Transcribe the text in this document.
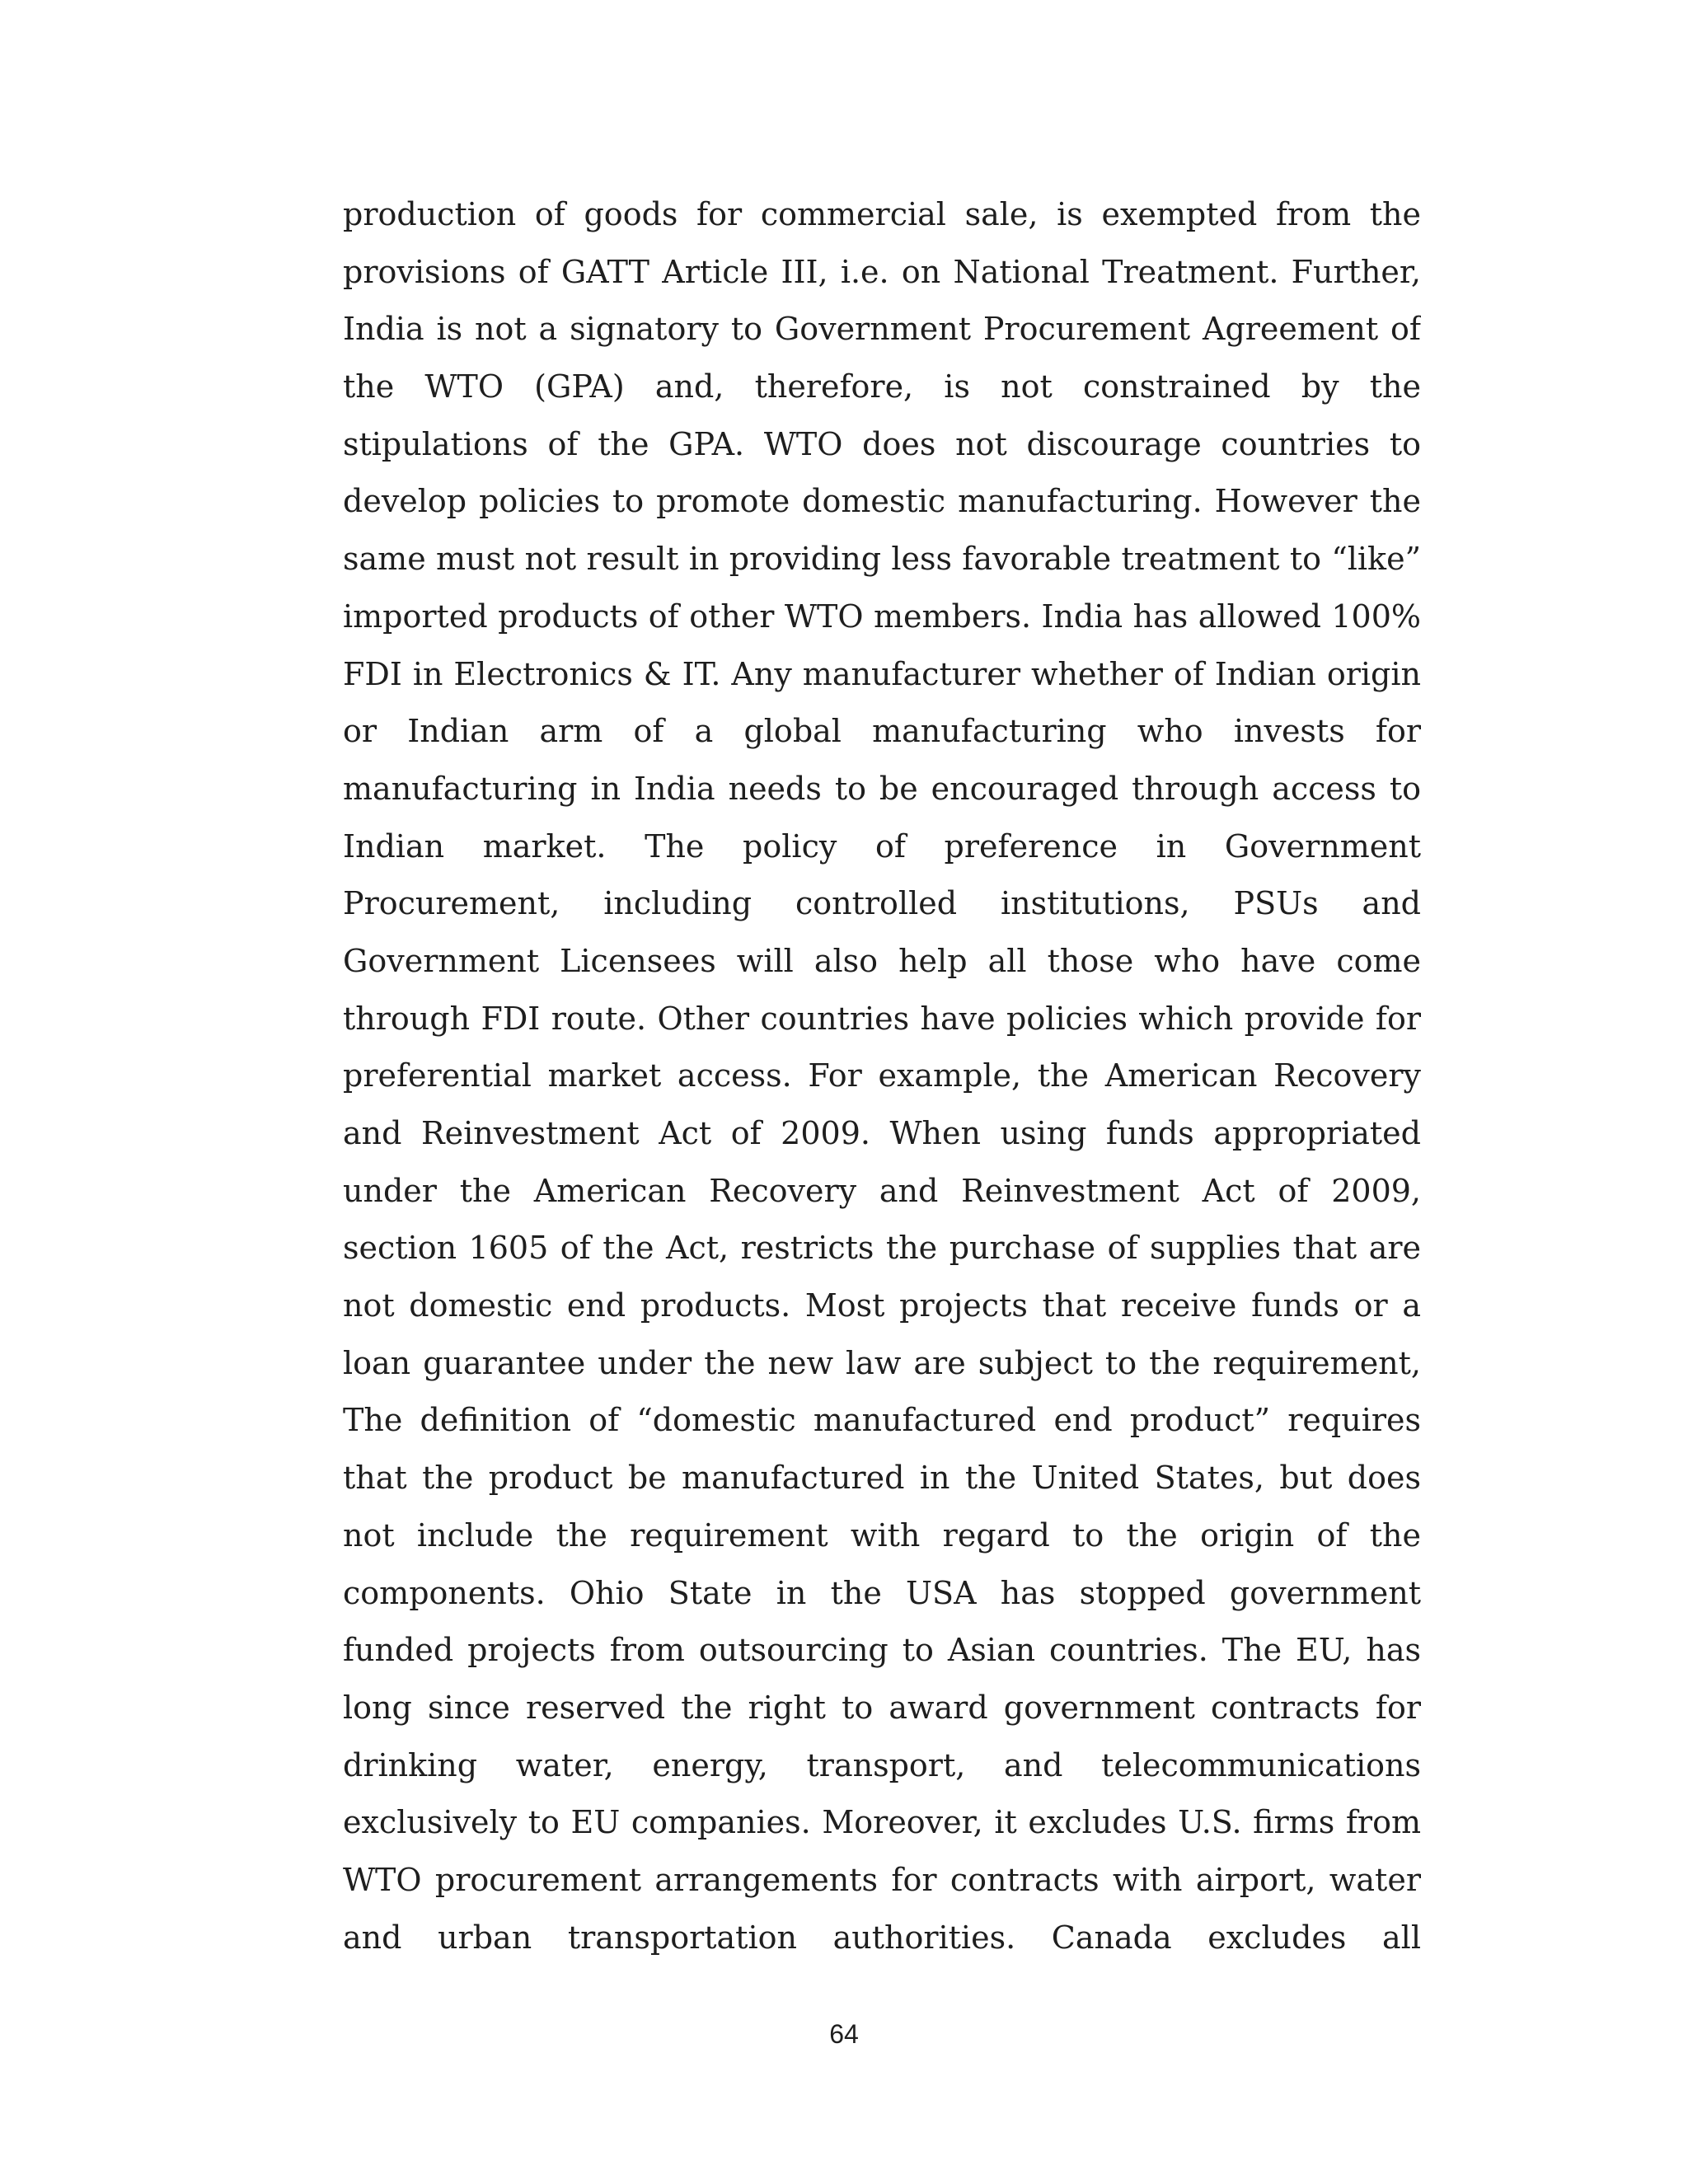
production of goods for commercial sale, is exempted from the
provisions of GATT Article III, i.e. on National Treatment. Further,
India is not a signatory to Government Procurement Agreement of
the WTO (GPA) and, therefore, is not constrained by the
stipulations of the GPA. WTO does not discourage countries to
develop policies to promote domestic manufacturing. However the
same must not result in providing less favorable treatment to “like”
imported products of other WTO members. India has allowed 100%
FDI in Electronics & IT. Any manufacturer whether of Indian origin
or Indian arm of a global manufacturing who invests for
manufacturing in India needs to be encouraged through access to
Indian market. The policy of preference in Government
Procurement, including controlled institutions, PSUs and
Government Licensees will also help all those who have come
through FDI route. Other countries have policies which provide for
preferential market access. For example, the American Recovery
and Reinvestment Act of 2009. When using funds appropriated
under the American Recovery and Reinvestment Act of 2009,
section 1605 of the Act, restricts the purchase of supplies that are
not domestic end products. Most projects that receive funds or a
loan guarantee under the new law are subject to the requirement,
The definition of “domestic manufactured end product” requires
that the product be manufactured in the United States, but does
not include the requirement with regard to the origin of the
components. Ohio State in the USA has stopped government
funded projects from outsourcing to Asian countries. The EU, has
long since reserved the right to award government contracts for
drinking water, energy, transport, and telecommunications
exclusively to EU companies. Moreover, it excludes U.S. firms from
WTO procurement arrangements for contracts with airport, water
and urban transportation authorities. Canada excludes all
64
